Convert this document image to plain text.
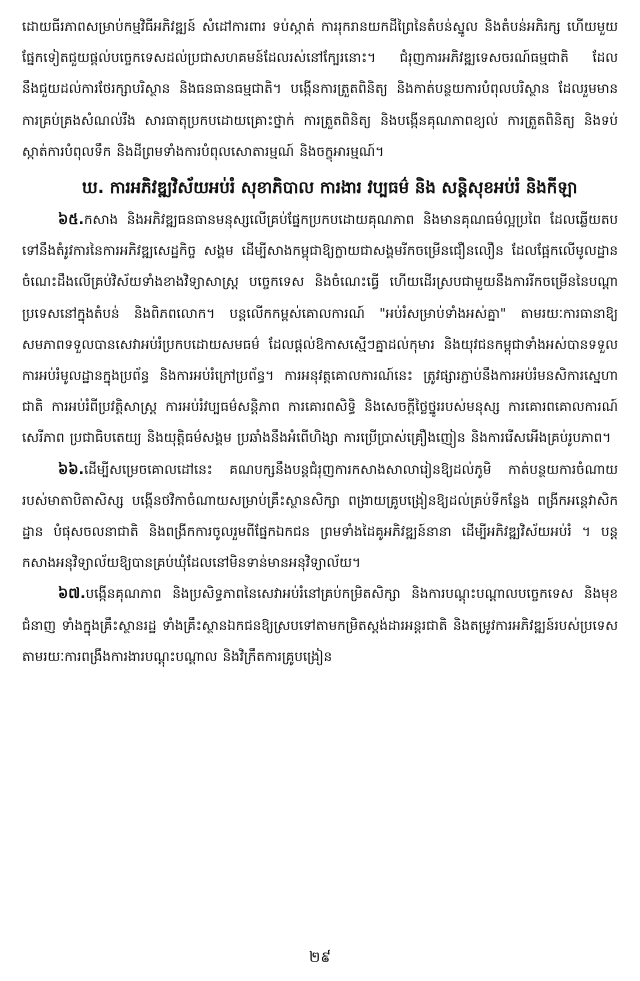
ដោយធីរភាពសម្រាប់កម្មវិធីអភិវឌ្ឍន៍ សំដៅការពារ ទប់ស្កាត់ ការរុករានយកដីព្រៃនៃតំបន់ស្នូល និងតំបន់អភិរក្ស ហើយមួយផ្នែកទៀតជួយផ្ដល់បច្ចេកទេសដល់ប្រជាសហគមន៍ដែលរស់នៅក្បែរនោះ។ ជំរុញការអភិវឌ្ឍទេសចរណ៍ធម្មជាតិ ដែលនឹងជួយដល់ការថែរក្សាបរិស្ថាន និងធនធានធម្មជាតិ។ បង្កើនការត្រួតពិនិត្យ និងកាត់បន្ថយការបំពុលបរិស្ថាន ដែលរួមមាន ការគ្រប់គ្រងសំណល់រឹង សារធាតុប្រកបដោយគ្រោះថ្នាក់ ការត្រួតពិនិត្យ និងបង្កើនគុណភាពខ្យល់ ការត្រួតពិនិត្យ និងទប់ស្កាត់ការបំពុលទឹក និងដីព្រមទាំងការបំពុលសោតារម្មណ៍ និងចក្ខុអារម្មណ៍។

ឃ. ការអភិវឌ្ឍវិស័យអប់រំ សុខាភិបាល ការងារ វប្បធម៌ និង សន្តិសុខអប់រំ និងកីឡា

៦៥.កសាង និងអភិវឌ្ឍធនធានមនុស្សលើគ្រប់ផ្នែកប្រកបដោយគុណភាព និងមានគុណធម៌ល្អប្រពៃ ដែលឆ្លើយតបទៅនឹងតំរូវការនៃការអភិវឌ្ឍសេដ្ឋកិច្ច សង្គម ដើម្បីសាងកម្ពុជាឱ្យក្លាយជាសង្គមរីកចម្រើនជឿនលឿន ដែលផ្អែកលើមូលដ្ឋានចំណេះដឹងលើគ្រប់វិស័យទាំងខាងវិទ្យាសាស្ត្រ បច្ចេកទេស និងចំណេះធ្វើ ហើយដើរស្របជាមួយនឹងការរីកចម្រើននៃបណ្ដាប្រទេសនៅក្នុងតំបន់ និងពិភពលោក។ បន្តលើកកម្ពស់គោលការណ៍ "អប់រំសម្រាប់ទាំងអស់គ្នា" តាមរយៈការធានាឱ្យសមភាពទទួលបានសេវាអប់រំប្រកបដោយសមធម៌ ដែលផ្ដល់ឱកាសស្មើៗគ្នាដល់កុមារ និងយុវជនកម្ពុជាទាំងអស់បានទទួលការអប់រំមូលដ្ឋានក្នុងប្រព័ន្ធ និងការអប់រំក្រៅប្រព័ន្ធ។ ការអនុវត្តគោលការណ៍នេះ ត្រូវផ្សារភ្ជាប់នឹងការអប់រំមនសិការស្នេហាជាតិ ការអប់រំពីប្រវត្តិសាស្ត្រ ការអប់រំវប្បធម៌សន្តិភាព ការគោរពសិទ្ធិ និងសេចក្ដីថ្លៃថ្នូររបស់មនុស្ស ការគោរពគោលការណ៍សេរីភាព ប្រជាធិបតេយ្យ និងយុត្តិធម៌សង្គម ប្រឆាំងនឹងអំពើហិង្សា ការប្រើប្រាស់គ្រឿងញៀន និងការរើសអើងគ្រប់រូបភាព។

៦៦.ដើម្បីសម្រេចគោលដៅនេះ គណបក្សនឹងបន្តជំរុញការកសាងសាលារៀនឱ្យដល់ភូមិ កាត់បន្ថយការចំណាយរបស់មាតាបិតាសិស្ស បង្កើនថវិកាចំណាយសម្រាប់គ្រឹះស្ថានសិក្សា ពង្រាយគ្រូបង្រៀនឱ្យដល់គ្រប់ទីកន្លែង ពង្រីកអន្តេវាសិកដ្ឋាន បំផុសចលនាជាតិ និងពង្រីកការចូលរួមពីផ្នែកឯកជន ព្រមទាំងដៃគូអភិវឌ្ឍន៍នានា ដើម្បីអភិវឌ្ឍវិស័យអប់រំ ។ បន្តកសាងអនុវិទ្យាល័យឱ្យបានគ្រប់ឃុំដែលនៅមិនទាន់មានអនុវិទ្យាល័យ។

៦៧.បង្កើនគុណភាព និងប្រសិទ្ធភាពនៃសេវាអប់រំនៅគ្រប់កម្រិតសិក្សា និងការបណ្ដុះបណ្ដាលបច្ចេកទេស និងមុខជំនាញ ទាំងក្នុងគ្រឹះស្ថានរដ្ឋ ទាំងគ្រឹះស្ថានឯកជនឱ្យស្របទៅតាមកម្រិតស្តង់ដារអន្តរជាតិ និងតម្រូវការអភិវឌ្ឍន៍របស់ប្រទេស តាមរយៈការពង្រឹងការងារបណ្ដុះបណ្ដាល និងវិក្រឹតការគ្រូបង្រៀន

២៩
